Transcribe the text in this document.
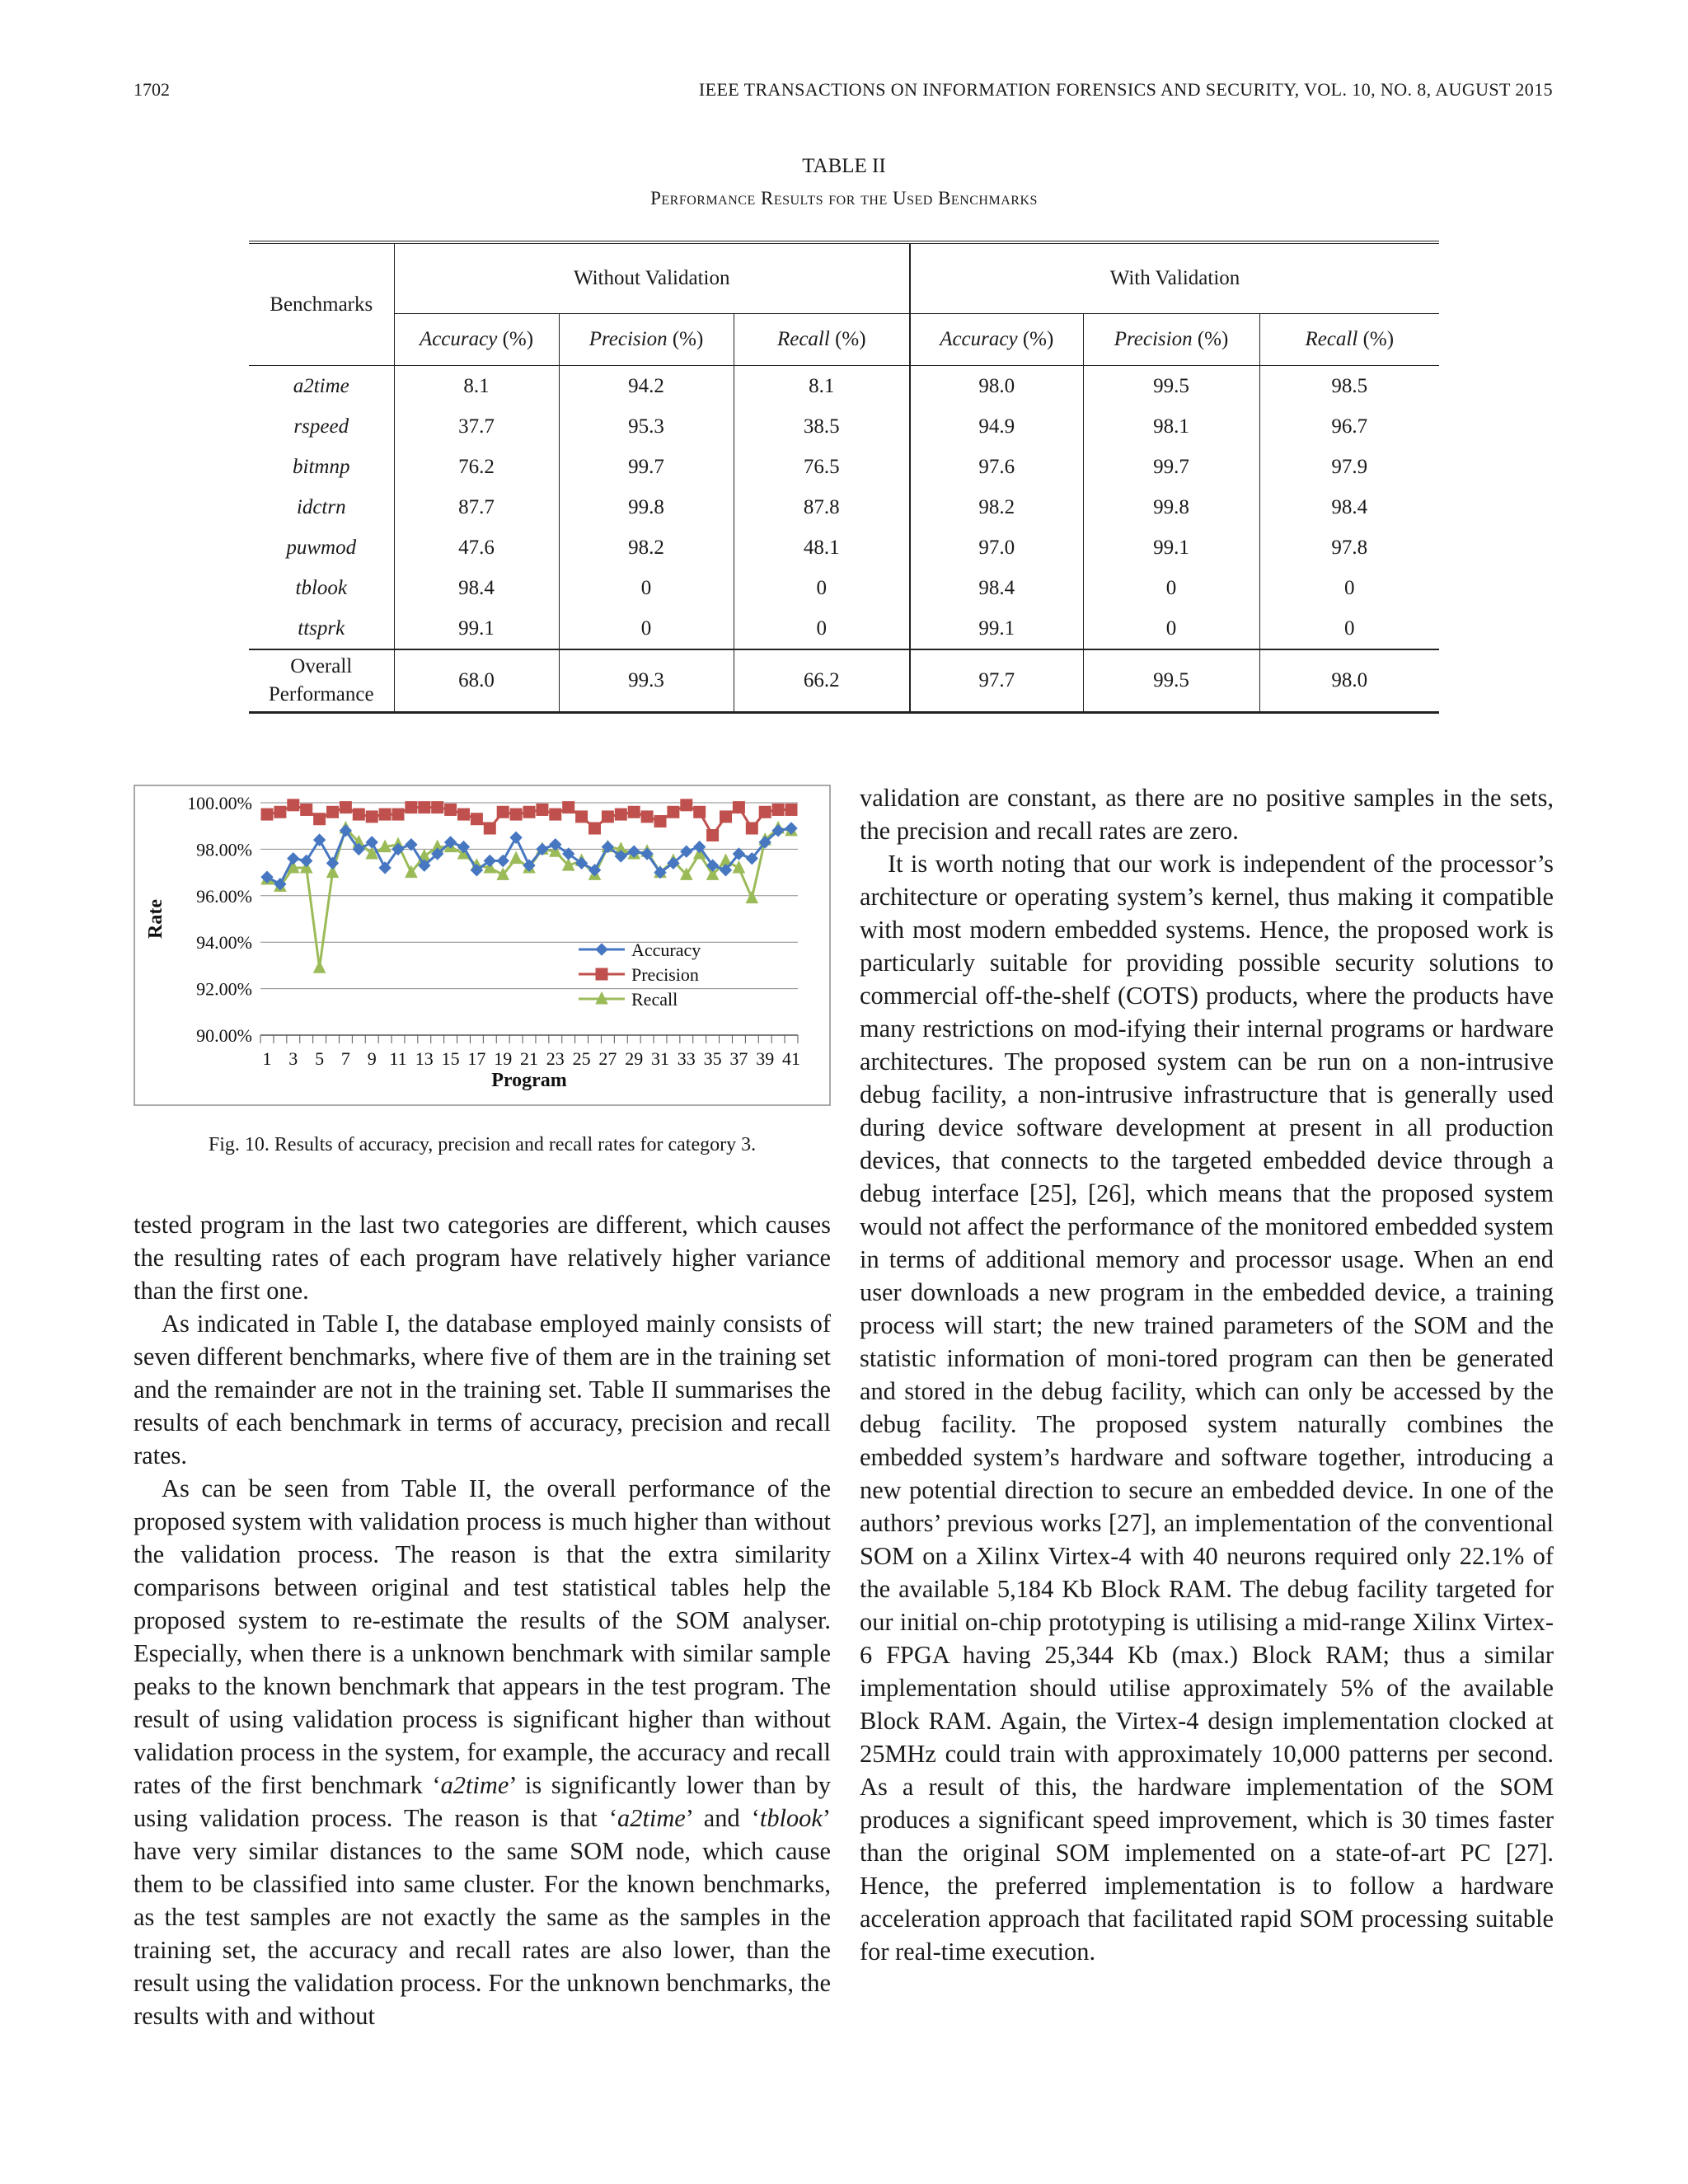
1702	IEEE TRANSACTIONS ON INFORMATION FORENSICS AND SECURITY, VOL. 10, NO. 8, AUGUST 2015
TABLE II
Performance Results for the Used Benchmarks
Benchmarks	Without Validation			With Validation		
	Accuracy (%)	Precision (%)	Recall (%)	Accuracy (%)	Precision (%)	Recall (%)
a2time	8.1	94.2	8.1	98.0	99.5	98.5
rspeed	37.7	95.3	38.5	94.9	98.1	96.7
bitmnp	76.2	99.7	76.5	97.6	99.7	97.9
idctrn	87.7	99.8	87.8	98.2	99.8	98.4
puwmod	47.6	98.2	48.1	97.0	99.1	97.8
tblook	98.4	0	0	98.4	0	0
ttsprk	99.1	0	0	99.1	0	0
Overall
Performance	68.0	99.3	66.2	97.7	99.5	98.0
90.00%
92.00%
94.00%
96.00%
98.00%
100.00%
1 3 5 7 9 11 13 15 17 19 21 23 25 27 29 31 33 35 37 39 41
Program
Rate
Accuracy
Precision
Recall
Fig. 10. Results of accuracy, precision and recall rates for category 3.

tested program in the last two categories are different, which causes the resulting rates of each program have relatively higher variance than the first one.

As indicated in Table I, the database employed mainly consists of seven different benchmarks, where five of them are in the training set and the remainder are not in the training set. Table II summarises the results of each benchmark in terms of accuracy, precision and recall rates.

As can be seen from Table II, the overall performance of the proposed system with validation process is much higher than without the validation process. The reason is that the extra similarity comparisons between original and test statistical tables help the proposed system to re-estimate the results of the SOM analyser. Especially, when there is a unknown benchmark with similar sample peaks to the known benchmark that appears in the test program. The result of using validation process is significant higher than without validation process in the system, for example, the accuracy and recall rates of the first benchmark ‘a2time’ is significantly lower than by using validation process. The reason is that ‘a2time’ and ‘tblook’ have very similar distances to the same SOM node, which cause them to be classified into same cluster. For the known benchmarks, as the test samples are not exactly the same as the samples in the training set, the accuracy and recall rates are also lower, than the result using the validation process. For the unknown benchmarks, the results with and without

validation are constant, as there are no positive samples in the sets, the precision and recall rates are zero.

It is worth noting that our work is independent of the processor’s architecture or operating system’s kernel, thus making it compatible with most modern embedded systems. Hence, the proposed work is particularly suitable for providing possible security solutions to commercial off-the-shelf (COTS) products, where the products have many restrictions on mod-ifying their internal programs or hardware architectures. The proposed system can be run on a non-intrusive debug facility, a non-intrusive infrastructure that is generally used during device software development at present in all production devices, that connects to the targeted embedded device through a debug interface [25], [26], which means that the proposed system would not affect the performance of the monitored embedded system in terms of additional memory and processor usage. When an end user downloads a new program in the embedded device, a training process will start; the new trained parameters of the SOM and the statistic information of moni-tored program can then be generated and stored in the debug facility, which can only be accessed by the debug facility. The proposed system naturally combines the embedded system’s hardware and software together, introducing a new potential direction to secure an embedded device. In one of the authors’ previous works [27], an implementation of the conventional SOM on a Xilinx Virtex-4 with 40 neurons required only 22.1% of the available 5,184 Kb Block RAM. The debug facility targeted for our initial on-chip prototyping is utilising a mid-range Xilinx Virtex-6 FPGA having 25,344 Kb (max.) Block RAM; thus a similar implementation should utilise approximately 5% of the available Block RAM. Again, the Virtex-4 design implementation clocked at 25MHz could train with approximately 10,000 patterns per second. As a result of this, the hardware implementation of the SOM produces a significant speed improvement, which is 30 times faster than the original SOM implemented on a state-of-art PC [27]. Hence, the preferred implementation is to follow a hardware acceleration approach that facilitated rapid SOM processing suitable for real-time execution.
